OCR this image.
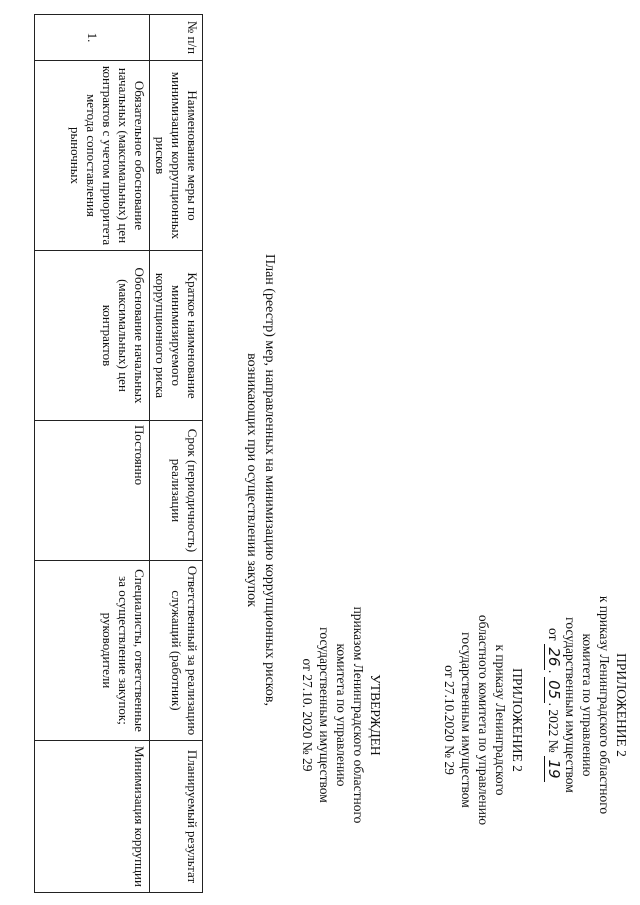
ПРИЛОЖЕНИЕ 2
к приказу Ленинградского областного
комитета по управлению
государственным имуществом
от 26. 05. 2022 № 19
ПРИЛОЖЕНИЕ 2
к приказу Ленинградского
областного комитета по управлению
государственным имуществом
от 27.10.2020 № 29
УТВЕРЖДЕН
приказом Ленинградского областного
комитета по управлению
государственным имуществом
от 27.10. 2020 № 29
План (реестр) мер, направленных на минимизацию коррупционных рисков,
возникающих при осуществлении закупок
№ п/п	Наименование меры по минимизации коррупционных рисков	Краткое наименование минимизируемого коррупционного риска	Срок (периодичность) реализации	Ответственный за реализацию служащий (работник)	Планируемый результат

1.	Обязательное обоснование начальных (максимальных) цен контрактов с учетом приоритета метода сопоставления рыночных	Обоснование начальных (максимальных) цен контрактов	Постоянно	Специалисты, ответственные за осуществление закупок; руководители	Минимизация коррупции
